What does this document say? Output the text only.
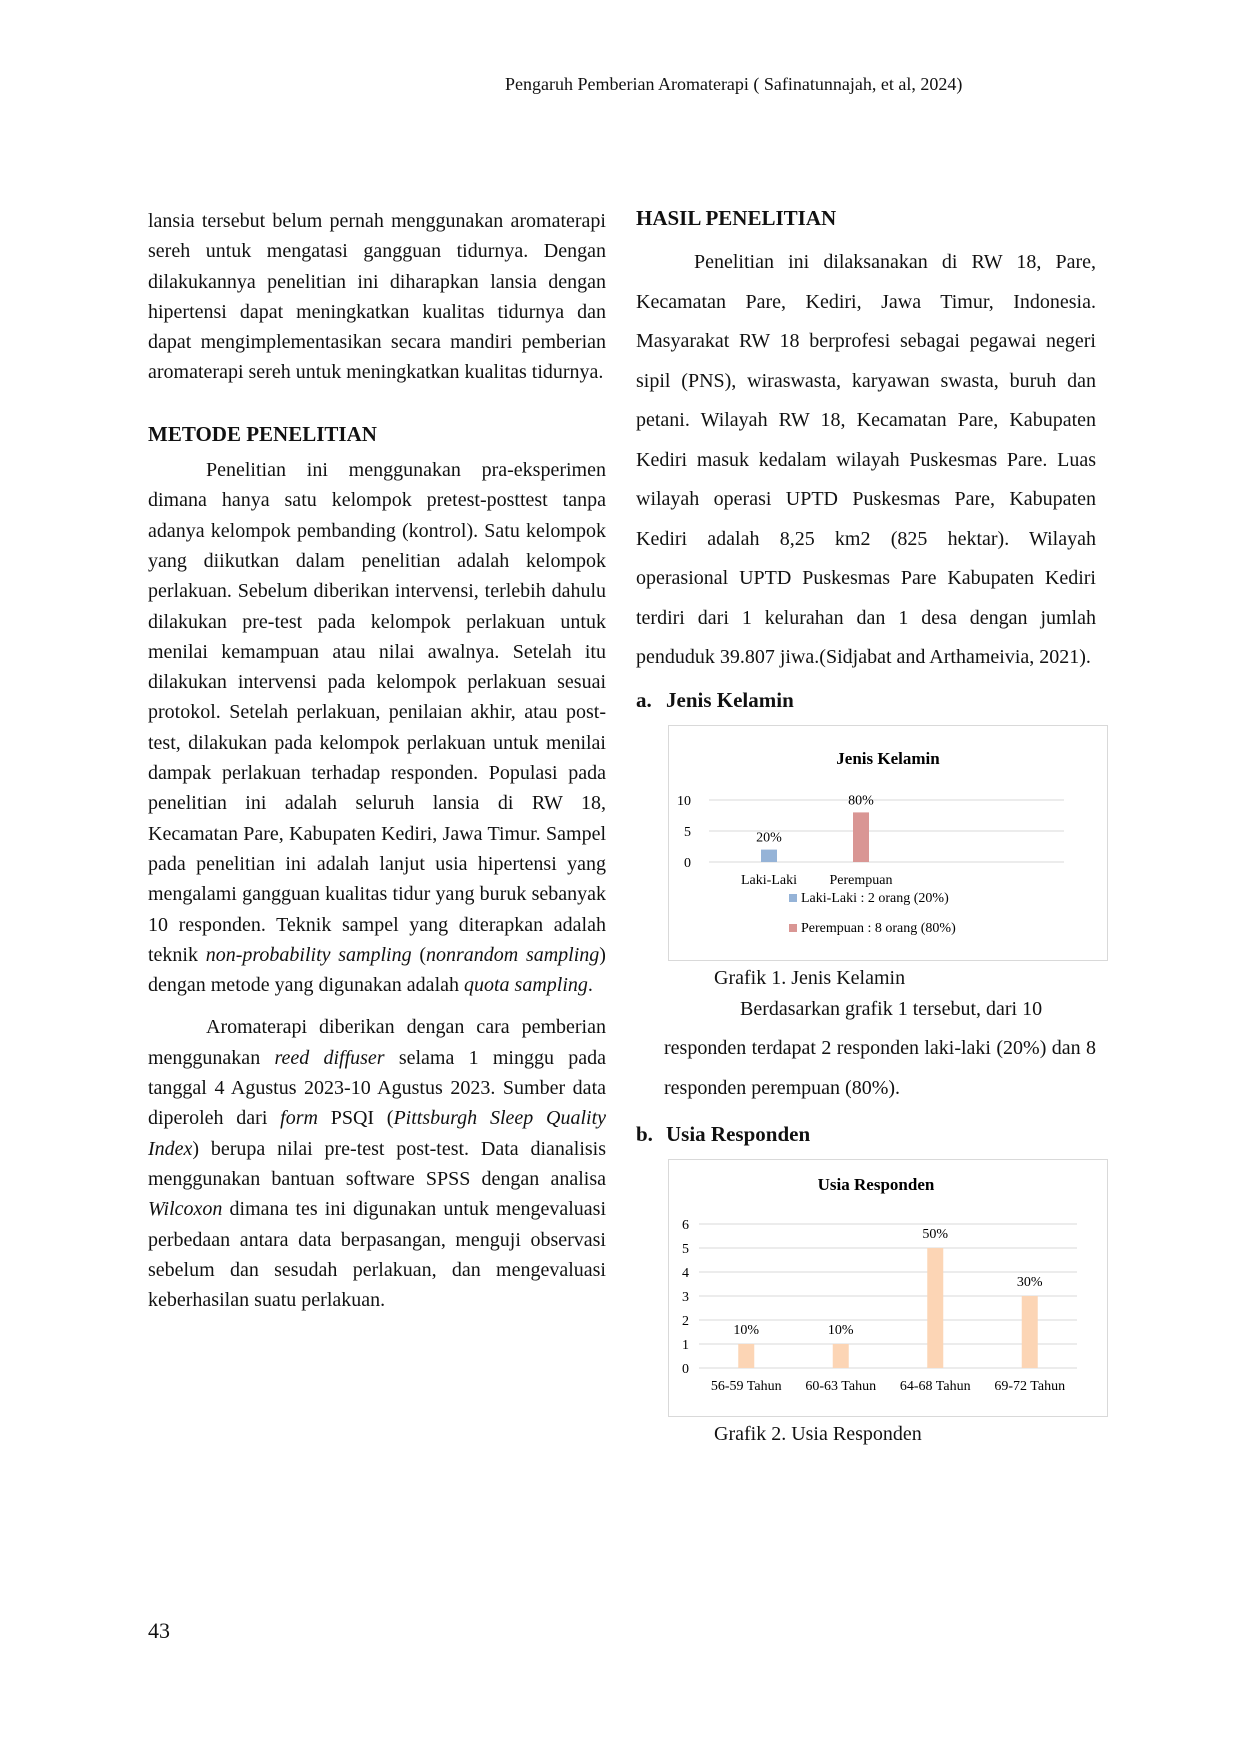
Pengaruh Pemberian Aromaterapi ( Safinatunnajah, et al, 2024)

lansia tersebut belum pernah menggunakan aromaterapi sereh untuk mengatasi gangguan tidurnya. Dengan dilakukannya penelitian ini diharapkan lansia dengan hipertensi dapat meningkatkan kualitas tidurnya dan dapat mengimplementasikan secara mandiri pemberian aromaterapi sereh untuk meningkatkan kualitas tidurnya.

METODE PENELITIAN

Penelitian ini menggunakan pra-eksperimen dimana hanya satu kelompok pretest-posttest tanpa adanya kelompok pembanding (kontrol). Satu kelompok yang diikutkan dalam penelitian adalah kelompok perlakuan. Sebelum diberikan intervensi, terlebih dahulu dilakukan pre-test pada kelompok perlakuan untuk menilai kemampuan atau nilai awalnya. Setelah itu dilakukan intervensi pada kelompok perlakuan sesuai protokol. Setelah perlakuan, penilaian akhir, atau post-test, dilakukan pada kelompok perlakuan untuk menilai dampak perlakuan terhadap responden. Populasi pada penelitian ini adalah seluruh lansia di RW 18, Kecamatan Pare, Kabupaten Kediri, Jawa Timur. Sampel pada penelitian ini adalah lanjut usia hipertensi yang mengalami gangguan kualitas tidur yang buruk sebanyak 10 responden. Teknik sampel yang diterapkan adalah teknik non-probability sampling (nonrandom sampling) dengan metode yang digunakan adalah quota sampling.

Aromaterapi diberikan dengan cara pemberian menggunakan reed diffuser selama 1 minggu pada tanggal 4 Agustus 2023-10 Agustus 2023. Sumber data diperoleh dari form PSQI (Pittsburgh Sleep Quality Index) berupa nilai pre-test post-test. Data dianalisis menggunakan bantuan software SPSS dengan analisa Wilcoxon dimana tes ini digunakan untuk mengevaluasi perbedaan antara data berpasangan, menguji observasi sebelum dan sesudah perlakuan, dan mengevaluasi keberhasilan suatu perlakuan.

HASIL PENELITIAN

Penelitian ini dilaksanakan di RW 18, Pare, Kecamatan Pare, Kediri, Jawa Timur, Indonesia. Masyarakat RW 18 berprofesi sebagai pegawai negeri sipil (PNS), wiraswasta, karyawan swasta, buruh dan petani. Wilayah RW 18, Kecamatan Pare, Kabupaten Kediri masuk kedalam wilayah Puskesmas Pare. Luas wilayah operasi UPTD Puskesmas Pare, Kabupaten Kediri adalah 8,25 km2 (825 hektar). Wilayah operasional UPTD Puskesmas Pare Kabupaten Kediri terdiri dari 1 kelurahan dan 1 desa dengan jumlah penduduk 39.807 jiwa.(Sidjabat and Arthameivia, 2021).

a. Jenis Kelamin

Jenis Kelamin
0
5
10
20%
Laki-Laki
80%
Perempuan
Laki-Laki : 2 orang (20%)
Perempuan : 8 orang (80%)

Grafik 1. Jenis Kelamin

Berdasarkan grafik 1 tersebut, dari 10
responden terdapat 2 responden laki-laki (20%) dan 8 responden perempuan (80%).

b. Usia Responden

Usia Responden
0
1
2
3
4
5
6
10%
56-59 Tahun
10%
60-63 Tahun
50%
64-68 Tahun
30%
69-72 Tahun

Grafik 2. Usia Responden

43
